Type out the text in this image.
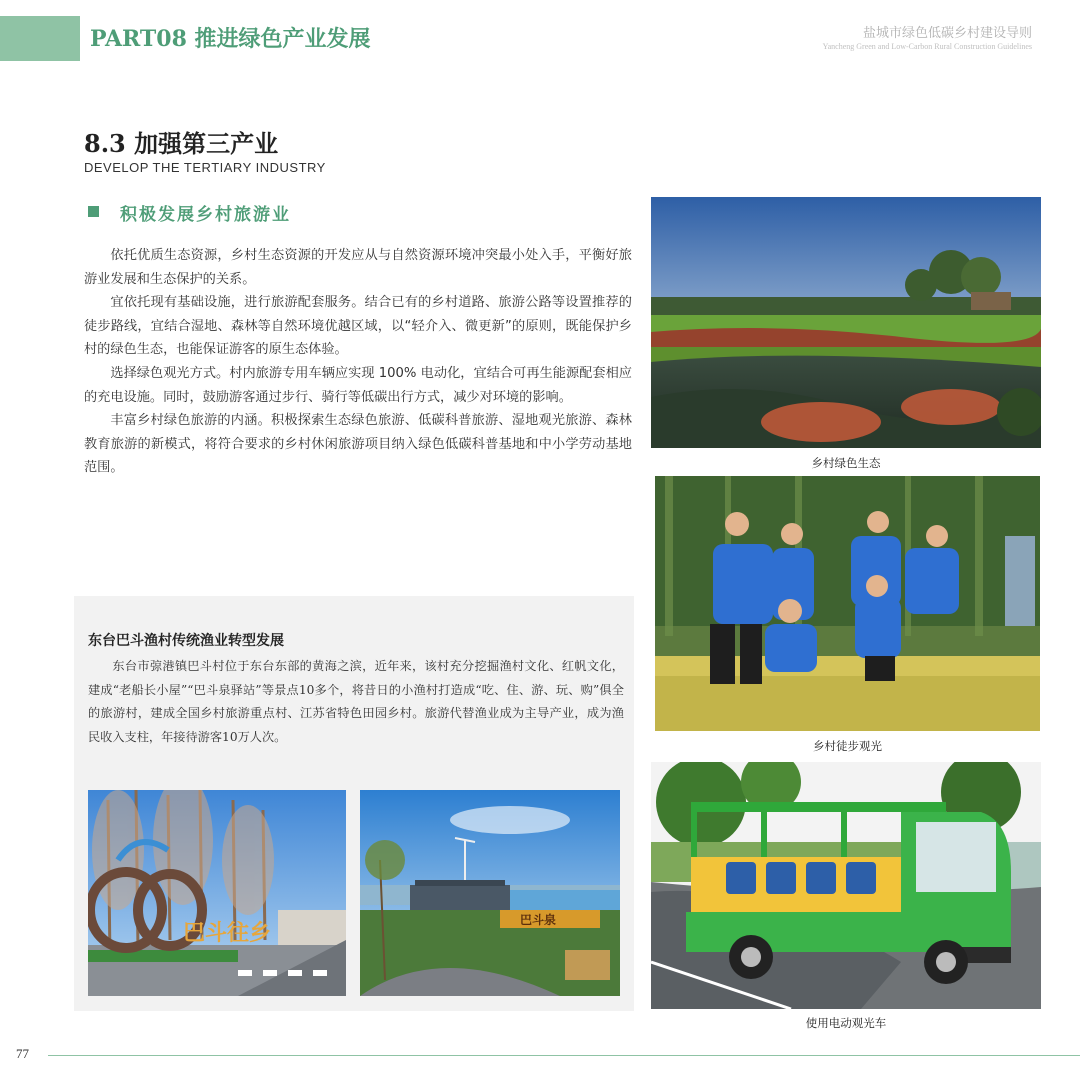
PART08 推进绿色产业发展	盐城市绿色低碳乡村建设导则
Yancheng Green and Low-Carbon Rural Construction Guidelines
8.3 加强第三产业
DEVELOP THE TERTIARY INDUSTRY
积极发展乡村旅游业

依托优质生态资源，乡村生态资源的开发应从与自然资源环境冲突最小处入手，平衡好旅游业发展和生态保护的关系。

宜依托现有基础设施，进行旅游配套服务。结合已有的乡村道路、旅游公路等设置推荐的徒步路线，宜结合湿地、森林等自然环境优越区域，以“轻介入、微更新”的原则，既能保护乡村的绿色生态，也能保证游客的原生态体验。

选择绿色观光方式。村内旅游专用车辆应实现 100% 电动化，宜结合可再生能源配套相应的充电设施。同时，鼓励游客通过步行、骑行等低碳出行方式，减少对环境的影响。

丰富乡村绿色旅游的内涵。积极探索生态绿色旅游、低碳科普旅游、湿地观光旅游、森林教育旅游的新模式，将符合要求的乡村休闲旅游项目纳入绿色低碳科普基地和中小学劳动基地范围。

东台巴斗渔村传统渔业转型发展

东台市弶港镇巴斗村位于东台东部的黄海之滨，近年来，该村充分挖掘渔村文化、红帆文化，建成“老船长小屋”“巴斗泉驿站”等景点10多个，将昔日的小渔村打造成“吃、住、游、玩、购”俱全的旅游村，建成全国乡村旅游重点村、江苏省特色田园乡村。旅游代替渔业成为主导产业，成为渔民收入支柱，年接待游客10万人次。

巴斗往乡
巴斗泉
乡村绿色生态
乡村徒步观光
使用电动观光车
77
